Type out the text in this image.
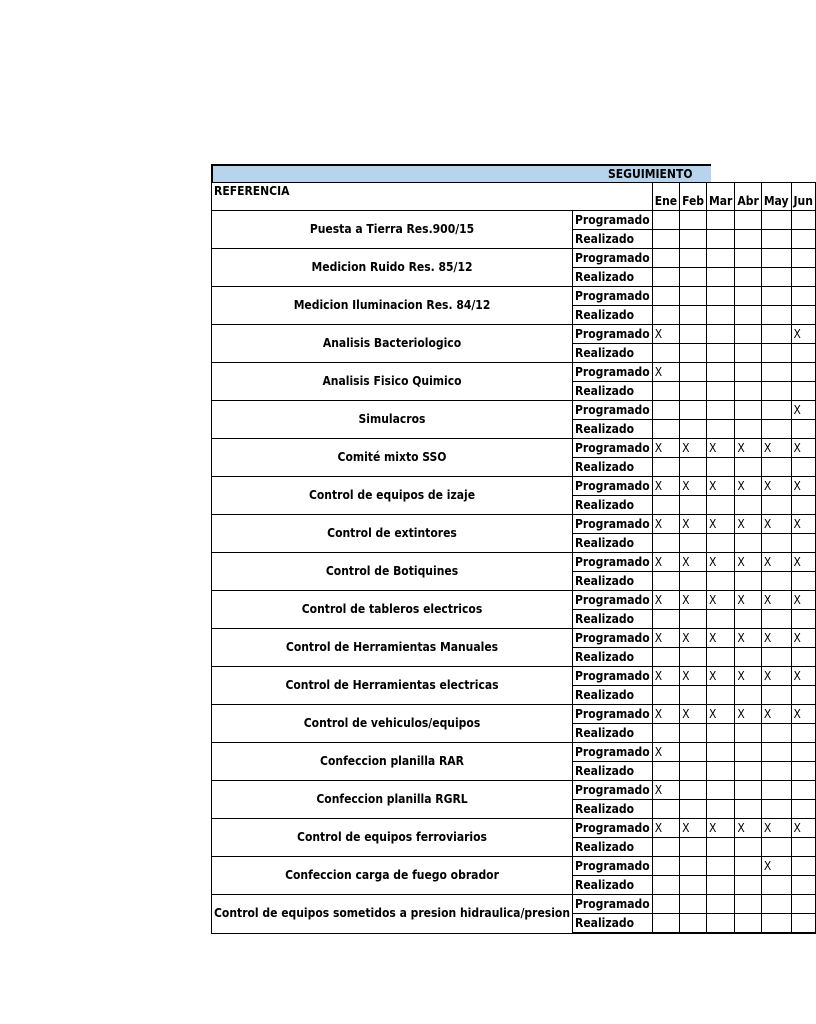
SEGUIMIENTO
REFERENCIA		Ene	Feb	Mar	Abr	May	Jun
Puesta a Tierra Res.900/15	Programado						
	Realizado						
Medicion Ruido Res. 85/12	Programado						
	Realizado						
Medicion Iluminacion Res. 84/12	Programado						
	Realizado						
Analisis Bacteriologico	Programado	X					X
	Realizado						
Analisis Fisico Quimico	Programado	X					
	Realizado						
Simulacros	Programado						X
	Realizado						
Comité mixto SSO	Programado	X	X	X	X	X	X
	Realizado						
Control de equipos de izaje	Programado	X	X	X	X	X	X
	Realizado						
Control de extintores	Programado	X	X	X	X	X	X
	Realizado						
Control de Botiquines	Programado	X	X	X	X	X	X
	Realizado						
Control de tableros electricos	Programado	X	X	X	X	X	X
	Realizado						
Control de Herramientas Manuales	Programado	X	X	X	X	X	X
	Realizado						
Control de Herramientas electricas	Programado	X	X	X	X	X	X
	Realizado						
Control de vehiculos/equipos	Programado	X	X	X	X	X	X
	Realizado						
Confeccion planilla RAR	Programado	X					
	Realizado						
Confeccion planilla RGRL	Programado	X					
	Realizado						
Control de equipos ferroviarios	Programado	X	X	X	X	X	X
	Realizado						
Confeccion carga de fuego obrador	Programado					X	
	Realizado						
Control de equipos sometidos a presion hidraulica/presion	Programado						
	Realizado						
